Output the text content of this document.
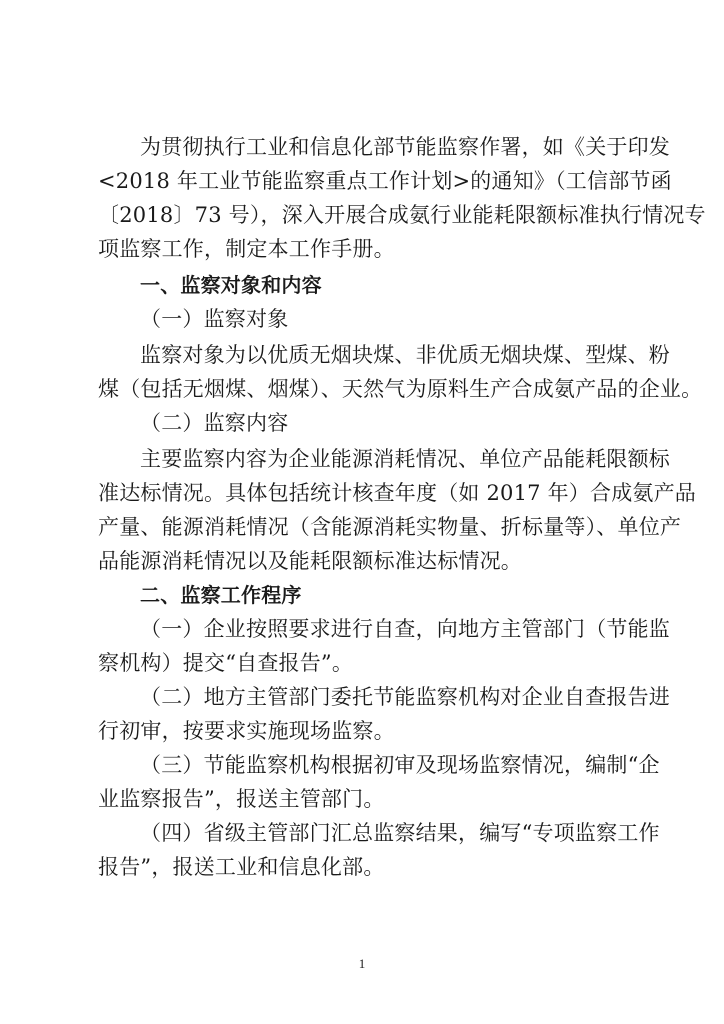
为贯彻执行工业和信息化部节能监察作署，如《关于印发
<2018 年工业节能监察重点工作计划>的通知》（工信部节函
〔2018〕73 号），深入开展合成氨行业能耗限额标准执行情况专
项监察工作，制定本工作手册。
一、监察对象和内容
（一）监察对象
监察对象为以优质无烟块煤、非优质无烟块煤、型煤、粉
煤（包括无烟煤、烟煤）、天然气为原料生产合成氨产品的企业。
（二）监察内容
主要监察内容为企业能源消耗情况、单位产品能耗限额标
准达标情况。具体包括统计核查年度（如 2017 年）合成氨产品
产量、能源消耗情况（含能源消耗实物量、折标量等）、单位产
品能源消耗情况以及能耗限额标准达标情况。
二、监察工作程序
（一）企业按照要求进行自查，向地方主管部门（节能监
察机构）提交“自查报告”。
（二）地方主管部门委托节能监察机构对企业自查报告进
行初审，按要求实施现场监察。
（三）节能监察机构根据初审及现场监察情况，编制“企
业监察报告”，报送主管部门。
（四）省级主管部门汇总监察结果，编写“专项监察工作
报告”，报送工业和信息化部。
1
